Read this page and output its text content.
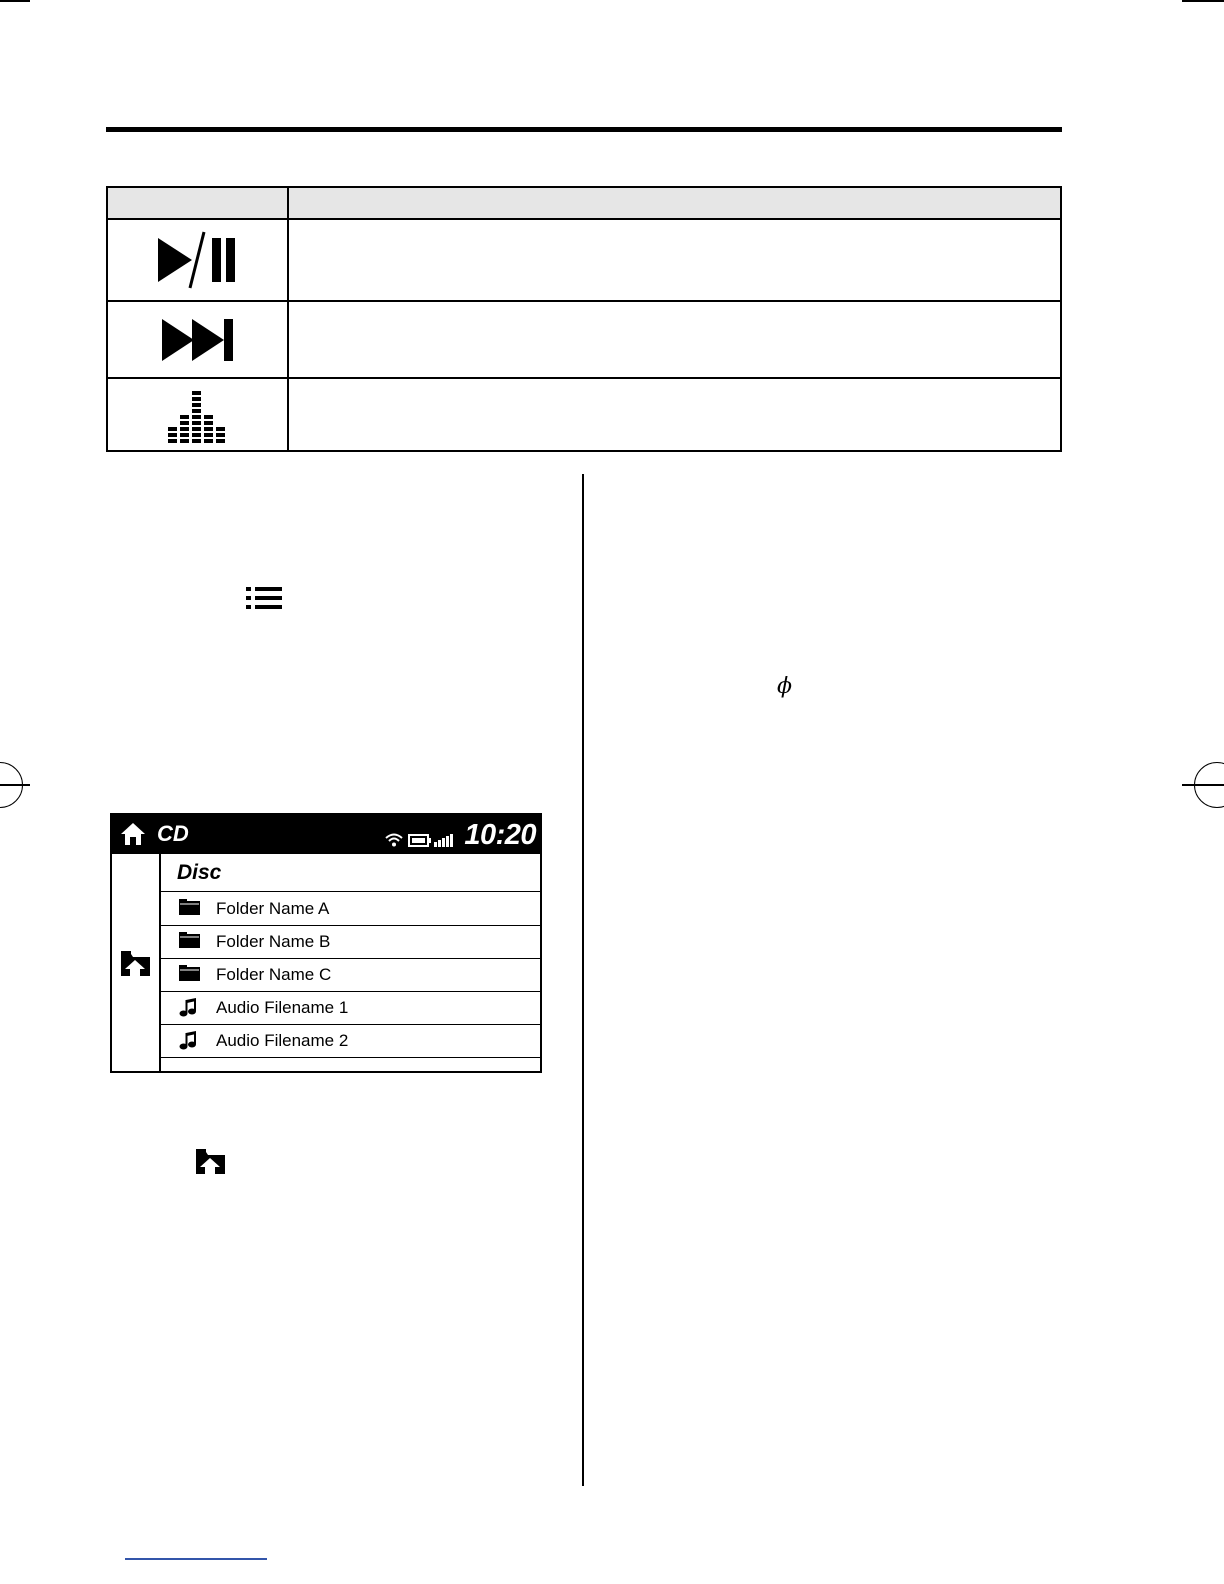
ϕ
CD	10:20
Disc
Folder Name A
Folder Name B
Folder Name C
Audio Filename 1
Audio Filename 2
